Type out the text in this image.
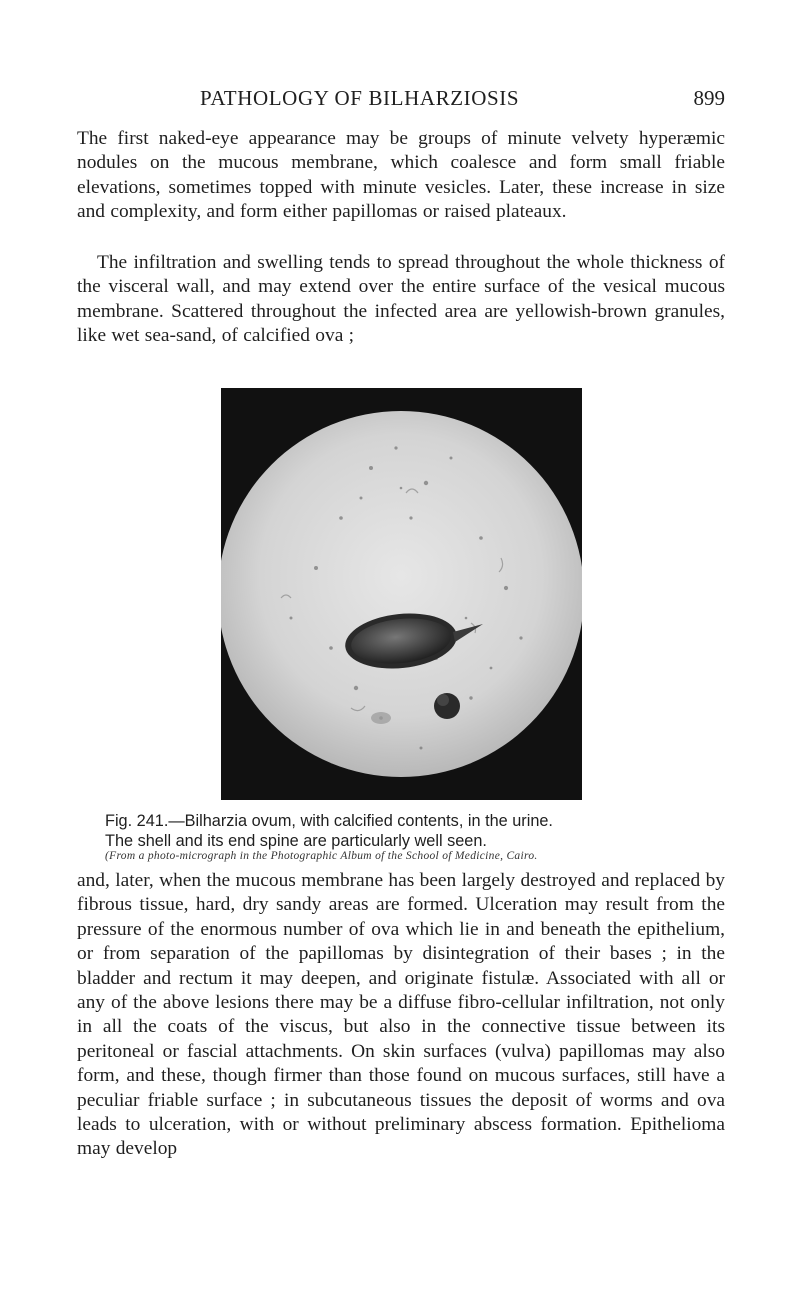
PATHOLOGY OF BILHARZIOSIS	899

The first naked-eye appearance may be groups of minute velvety hyperæmic nodules on the mucous membrane, which coalesce and form small friable elevations, sometimes topped with minute vesicles. Later, these increase in size and complexity, and form either papillomas or raised plateaux.

The infiltration and swelling tends to spread throughout the whole thickness of the visceral wall, and may extend over the entire surface of the vesical mucous membrane. Scattered throughout the infected area are yellowish-brown granules, like wet sea-sand, of calcified ova ;

Fig. 241.—Bilharzia ovum, with calcified contents, in the urine.
The shell and its end spine are particularly well seen.

(From a photo-micrograph in the Photographic Album of the School of Medicine, Cairo.

and, later, when the mucous membrane has been largely destroyed and replaced by fibrous tissue, hard, dry sandy areas are formed. Ulceration may result from the pressure of the enormous number of ova which lie in and beneath the epithelium, or from separation of the papillomas by disintegration of their bases ; in the bladder and rectum it may deepen, and originate fistulæ. Associated with all or any of the above lesions there may be a diffuse fibro-cellular infiltration, not only in all the coats of the viscus, but also in the connective tissue between its peritoneal or fascial attachments. On skin surfaces (vulva) papillomas may also form, and these, though firmer than those found on mucous surfaces, still have a peculiar friable surface ; in subcutaneous tissues the deposit of worms and ova leads to ulceration, with or without preliminary abscess formation. Epithelioma may develop
